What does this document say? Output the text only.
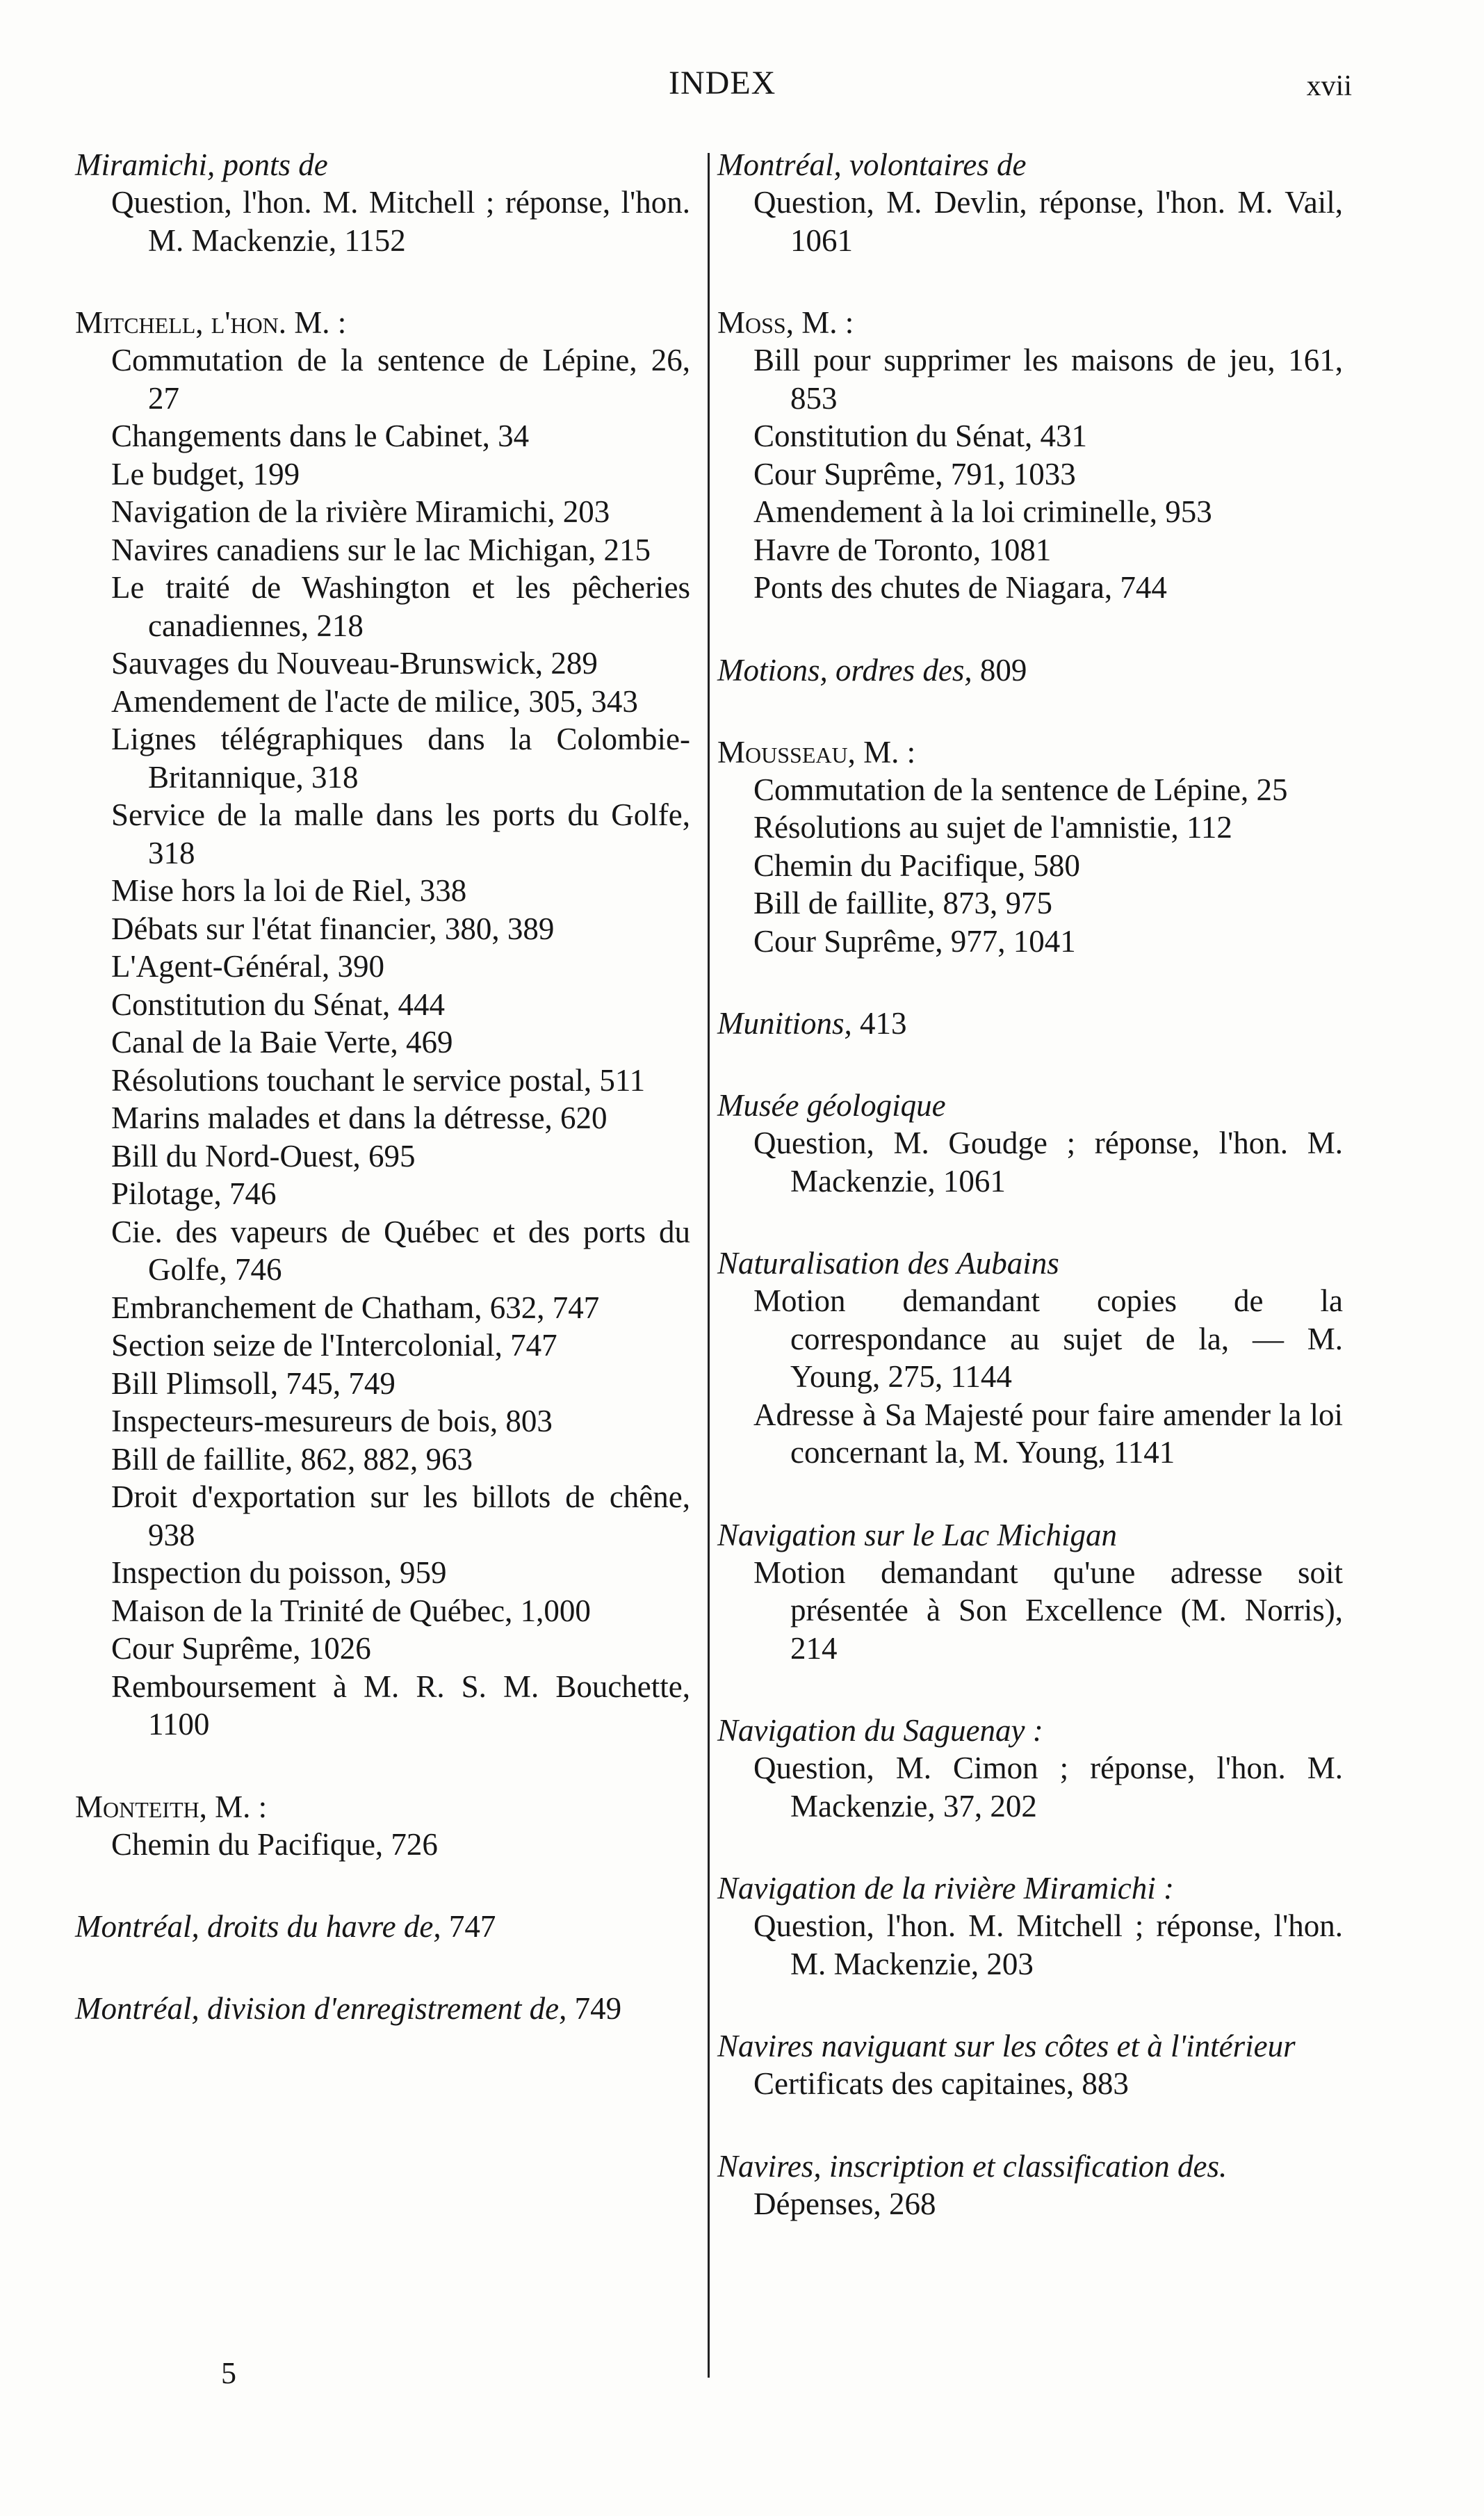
INDEX	xvii
Miramichi, ponts de
Question, l'hon. M. Mitchell ; réponse, l'hon. M. Mackenzie, 1152
Mitchell, l'hon. M. :
Commutation de la sentence de Lépine, 26, 27
Changements dans le Cabinet, 34
Le budget, 199
Navigation de la rivière Miramichi, 203
Navires canadiens sur le lac Michigan, 215
Le traité de Washington et les pêcheries canadiennes, 218
Sauvages du Nouveau-Brunswick, 289
Amendement de l'acte de milice, 305, 343
Lignes télégraphiques dans la Colombie-Britannique, 318
Service de la malle dans les ports du Golfe, 318
Mise hors la loi de Riel, 338
Débats sur l'état financier, 380, 389
L'Agent-Général, 390
Constitution du Sénat, 444
Canal de la Baie Verte, 469
Résolutions touchant le service postal, 511
Marins malades et dans la détresse, 620
Bill du Nord-Ouest, 695
Pilotage, 746
Cie. des vapeurs de Québec et des ports du Golfe, 746
Embranchement de Chatham, 632, 747
Section seize de l'Intercolonial, 747
Bill Plimsoll, 745, 749
Inspecteurs-mesureurs de bois, 803
Bill de faillite, 862, 882, 963
Droit d'exportation sur les billots de chêne, 938
Inspection du poisson, 959
Maison de la Trinité de Québec, 1,000
Cour Suprême, 1026
Remboursement à M. R. S. M. Bouchette, 1100
Monteith, M. :
Chemin du Pacifique, 726
Montréal, droits du havre de, 747
Montréal, division d'enregistrement de, 749
Montréal, volontaires de
Question, M. Devlin, réponse, l'hon. M. Vail, 1061
Moss, M. :
Bill pour supprimer les maisons de jeu, 161, 853
Constitution du Sénat, 431
Cour Suprême, 791, 1033
Amendement à la loi criminelle, 953
Havre de Toronto, 1081
Ponts des chutes de Niagara, 744
Motions, ordres des, 809
Mousseau, M. :
Commutation de la sentence de Lépine, 25
Résolutions au sujet de l'amnistie, 112
Chemin du Pacifique, 580
Bill de faillite, 873, 975
Cour Suprême, 977, 1041
Munitions, 413
Musée géologique
Question, M. Goudge ; réponse, l'hon. M. Mackenzie, 1061
Naturalisation des Aubains
Motion demandant copies de la correspondance au sujet de la, — M. Young, 275, 1144
Adresse à Sa Majesté pour faire amender la loi concernant la, M. Young, 1141
Navigation sur le Lac Michigan
Motion demandant qu'une adresse soit présentée à Son Excellence (M. Norris), 214
Navigation du Saguenay :
Question, M. Cimon ; réponse, l'hon. M. Mackenzie, 37, 202
Navigation de la rivière Miramichi :
Question, l'hon. M. Mitchell ; réponse, l'hon. M. Mackenzie, 203
Navires naviguant sur les côtes et à l'intérieur
Certificats des capitaines, 883
Navires, inscription et classification des.
Dépenses, 268
5
